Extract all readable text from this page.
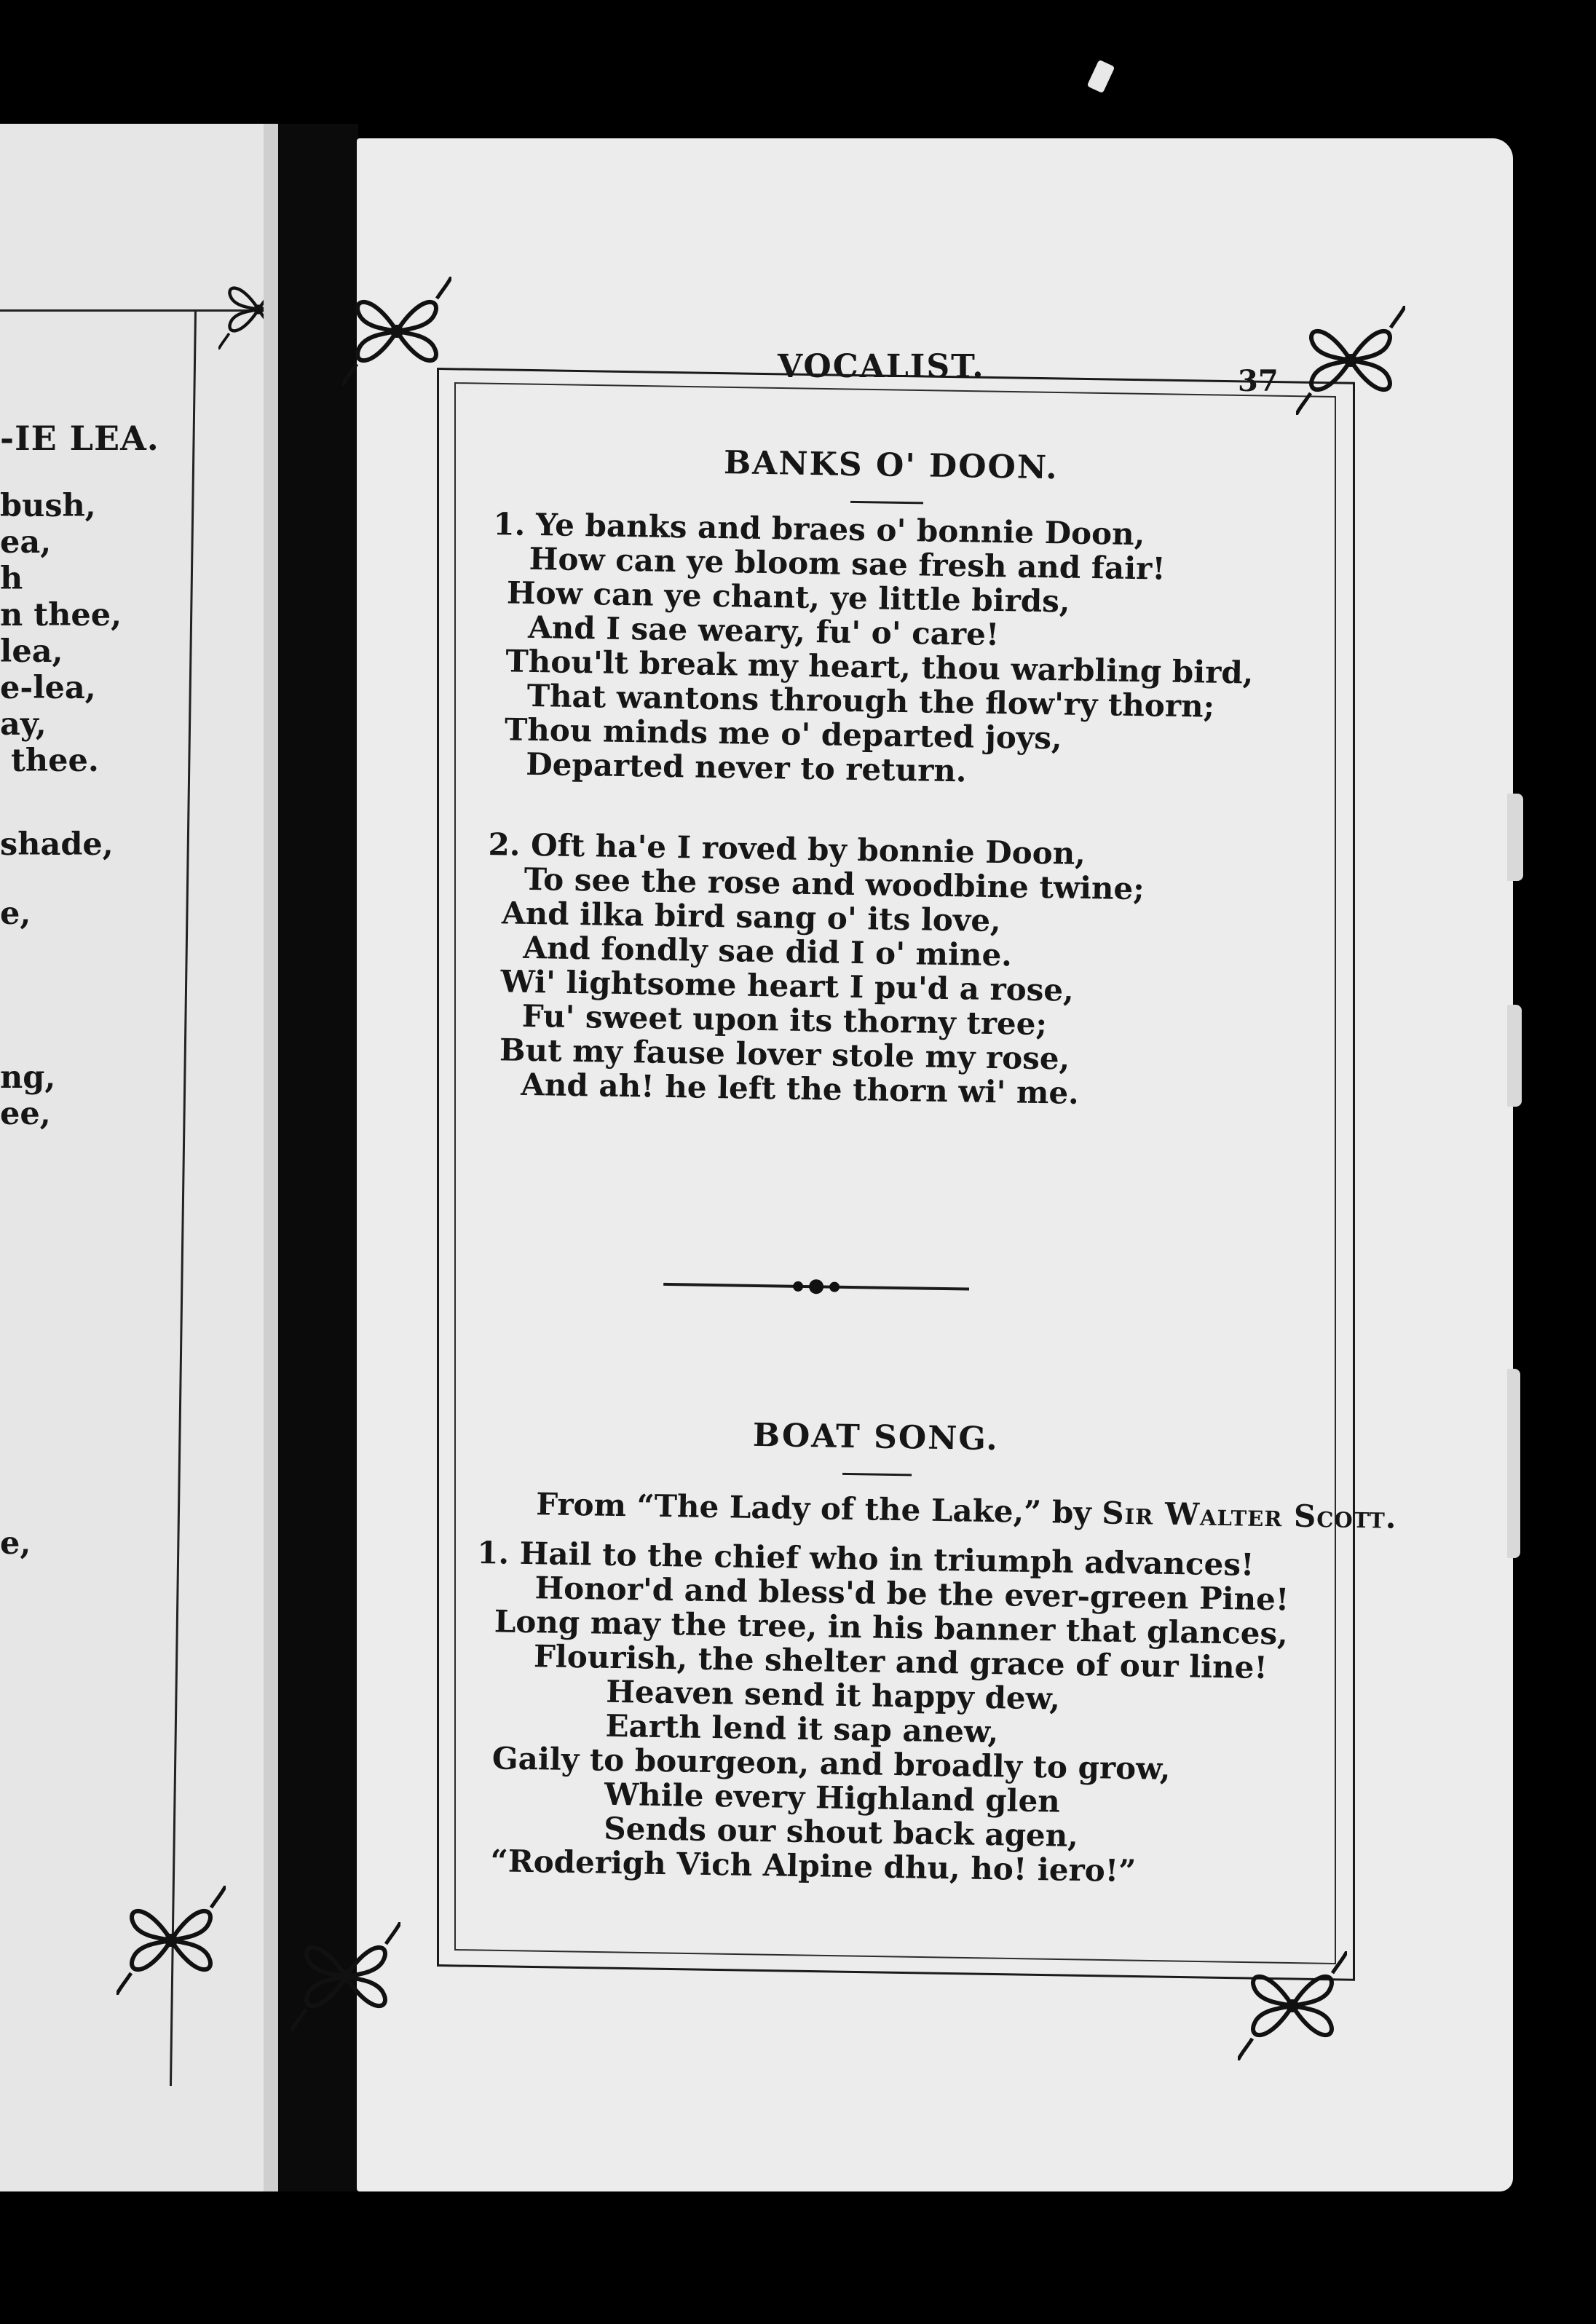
-IE LEA.
bush,
ea,
h
n thee,
lea,
e-lea,
ay,
thee.
shade,
e,
ng,
ee,
e,
VOCALIST.	37
BANKS O' DOON.
1. Ye banks and braes o' bonnie Doon,
How can ye bloom sae fresh and fair!
How can ye chant, ye little birds,
And I sae weary, fu' o' care!
Thou'lt break my heart, thou warbling bird,
That wantons through the flow'ry thorn;
Thou minds me o' departed joys,
Departed never to return.
2. Oft ha'e I roved by bonnie Doon,
To see the rose and woodbine twine;
And ilka bird sang o' its love,
And fondly sae did I o' mine.
Wi' lightsome heart I pu'd a rose,
Fu' sweet upon its thorny tree;
But my fause lover stole my rose,
And ah! he left the thorn wi' me.
BOAT SONG.
From “The Lady of the Lake,” by Sir Walter Scott.
1. Hail to the chief who in triumph advances!
Honor'd and bless'd be the ever-green Pine!
Long may the tree, in his banner that glances,
Flourish, the shelter and grace of our line!
Heaven send it happy dew,
Earth lend it sap anew,
Gaily to bourgeon, and broadly to grow,
While every Highland glen
Sends our shout back agen,
“Roderigh Vich Alpine dhu, ho! iero!”
